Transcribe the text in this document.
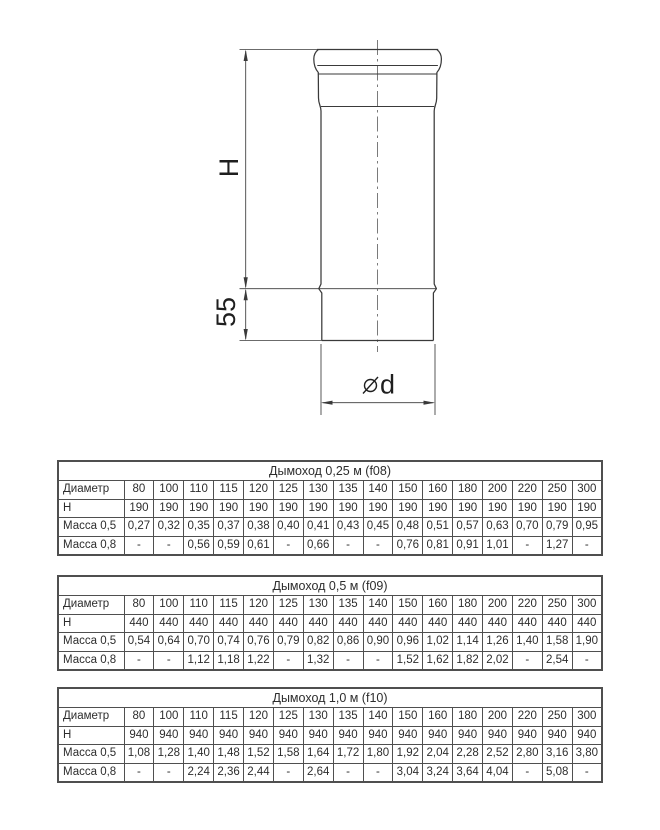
H
55
d
Дымоход 0,25 м (f08)																
Диаметр	80	100	110	115	120	125	130	135	140	150	160	180	200	220	250	300
Н	190	190	190	190	190	190	190	190	190	190	190	190	190	190	190	190
Масса 0,5	0,27	0,32	0,35	0,37	0,38	0,40	0,41	0,43	0,45	0,48	0,51	0,57	0,63	0,70	0,79	0,95
Масса 0,8	-	-	0,56	0,59	0,61	-	0,66	-	-	0,76	0,81	0,91	1,01	-	1,27	-
Дымоход 0,5 м (f09)																
Диаметр	80	100	110	115	120	125	130	135	140	150	160	180	200	220	250	300
Н	440	440	440	440	440	440	440	440	440	440	440	440	440	440	440	440
Масса 0,5	0,54	0,64	0,70	0,74	0,76	0,79	0,82	0,86	0,90	0,96	1,02	1,14	1,26	1,40	1,58	1,90
Масса 0,8	-	-	1,12	1,18	1,22	-	1,32	-	-	1,52	1,62	1,82	2,02	-	2,54	-
Дымоход 1,0 м (f10)																
Диаметр	80	100	110	115	120	125	130	135	140	150	160	180	200	220	250	300
Н	940	940	940	940	940	940	940	940	940	940	940	940	940	940	940	940
Масса 0,5	1,08	1,28	1,40	1,48	1,52	1,58	1,64	1,72	1,80	1,92	2,04	2,28	2,52	2,80	3,16	3,80
Масса 0,8	-	-	2,24	2,36	2,44	-	2,64	-	-	3,04	3,24	3,64	4,04	-	5,08	-
